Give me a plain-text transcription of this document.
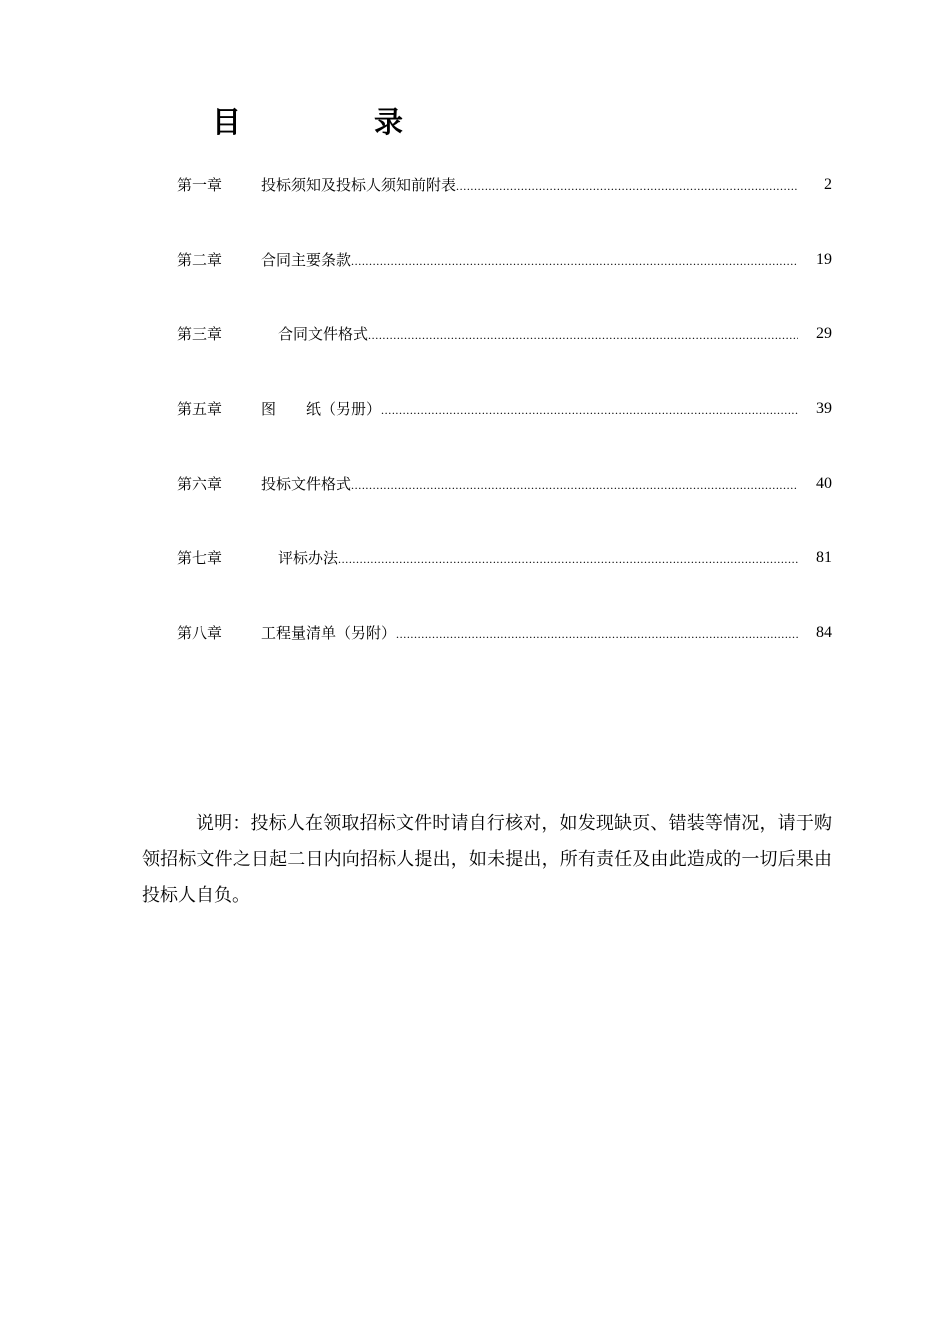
目　录
第一章	投标须知及投标人须知前附表 .....	2
第二章	合同主要条款 .....	19
第三章	合同文件格式 .....	29
第五章	图　　纸（另册） .....	39
第六章	投标文件格式 .....	40
第七章	评标办法 .....	81
第八章	工程量清单（另附） .....	84

说明：投标人在领取招标文件时请自行核对，如发现缺页、错装等情况，请于购领招标文件之日起二日内向招标人提出，如未提出，所有责任及由此造成的一切后果由投标人自负。
